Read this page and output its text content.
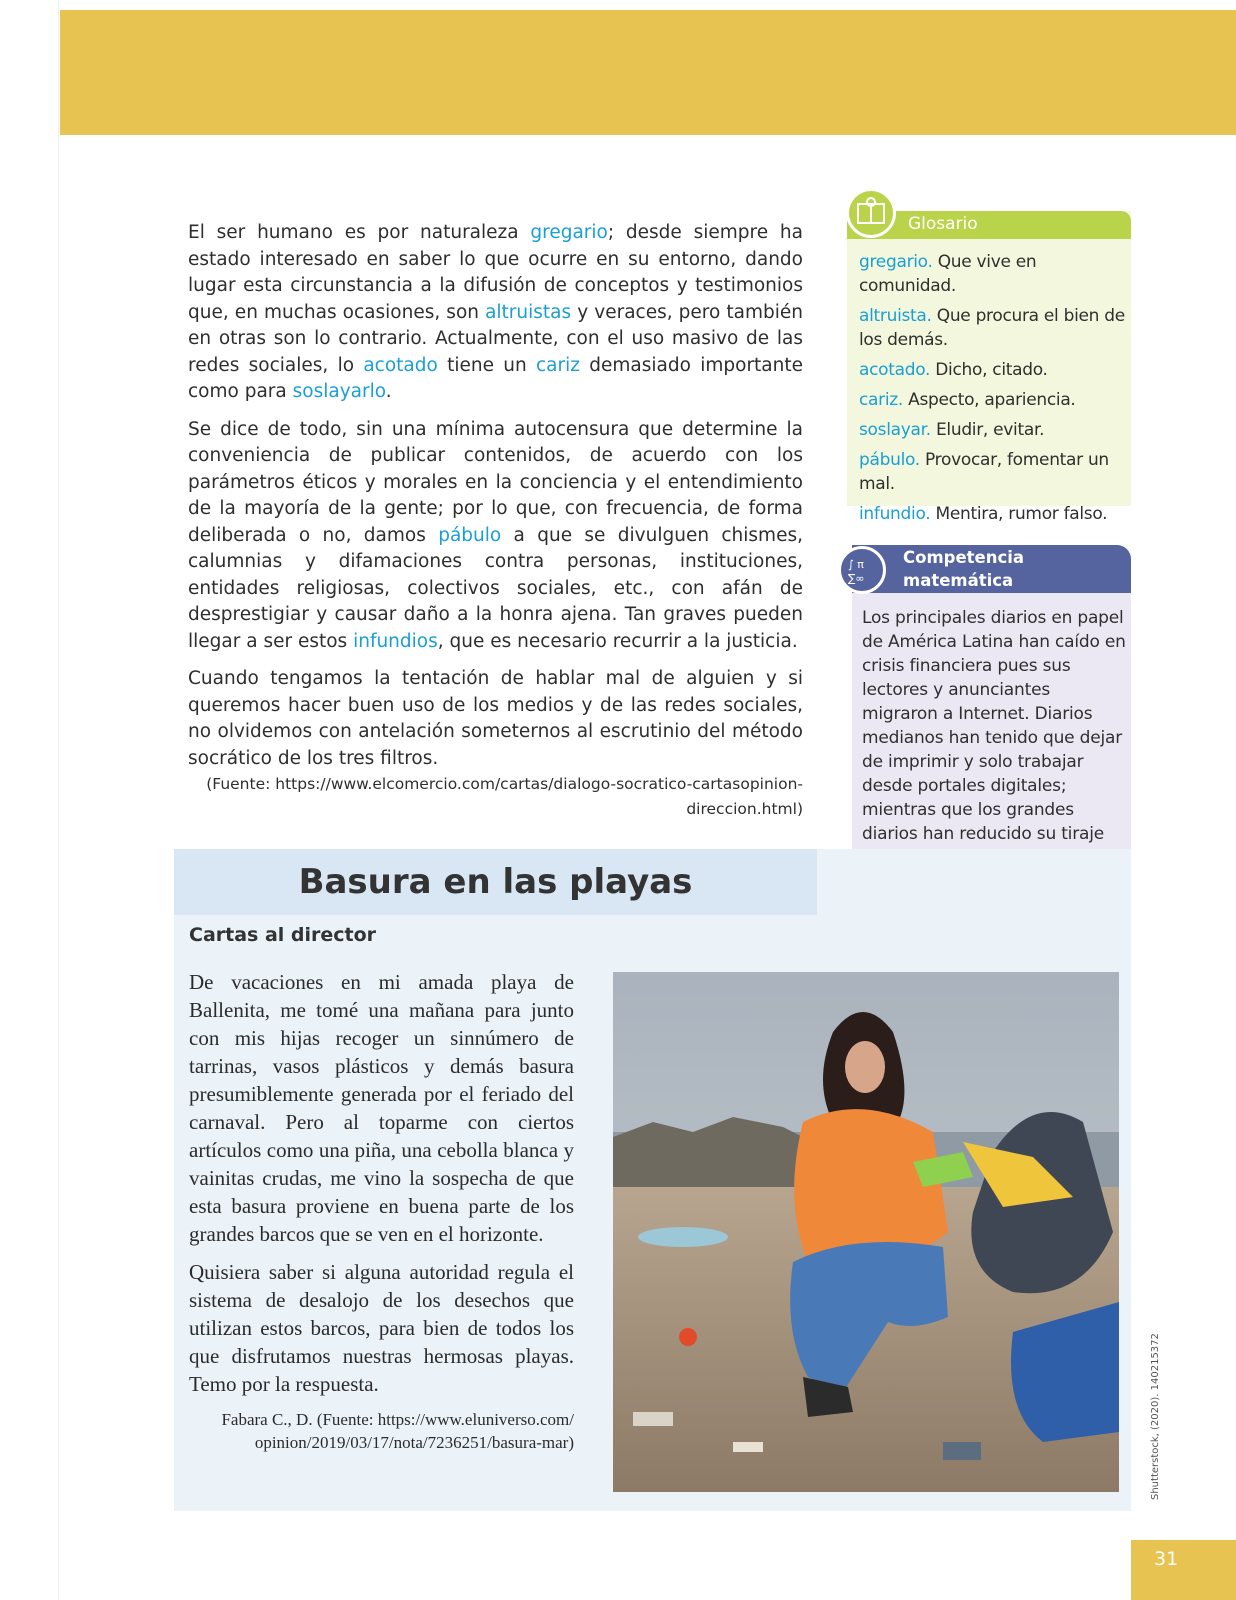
El ser humano es por naturaleza gregario; desde siempre ha estado interesado en saber lo que ocurre en su entorno, dando lugar esta circunstancia a la difusión de conceptos y testimonios que, en muchas ocasiones, son altruistas y veraces, pero también en otras son lo contrario. Actualmente, con el uso masivo de las redes sociales, lo acotado tiene un cariz demasiado importante como para soslayarlo.

Se dice de todo, sin una mínima autocensura que determine la conveniencia de publicar contenidos, de acuerdo con los parámetros éticos y morales en la conciencia y el entendimiento de la mayoría de la gente; por lo que, con frecuencia, de forma deliberada o no, damos pábulo a que se divulguen chismes, calumnias y difamaciones contra personas, instituciones, entidades religiosas, colectivos sociales, etc., con afán de desprestigiar y causar daño a la honra ajena. Tan graves pueden llegar a ser estos infundios, que es necesario recurrir a la justicia.

Cuando tengamos la tentación de hablar mal de alguien y si queremos hacer buen uso de los medios y de las redes sociales, no olvidemos con antelación someternos al escrutinio del método socrático de los tres filtros.

(Fuente: https://www.elcomercio.com/cartas/dialogo-socratico-cartasopinion-
direccion.html)
Glosario
gregario. Que vive en comunidad.
altruista. Que procura el bien de los demás.
acotado. Dicho, citado.
cariz. Aspecto, apariencia.
soslayar. Eludir, evitar.
pábulo. Provocar, fomentar un mal.
infundio. Mentira, rumor falso.
∫ π
∑∞
Competencia
matemática
Los principales diarios en papel de América Latina han caído en crisis financiera pues sus lectores y anunciantes migraron a Internet. Diarios medianos han tenido que dejar de imprimir y solo trabajar desde portales digitales; mientras que los grandes diarios han reducido su tiraje
Basura en las playas
Cartas al director

De vacaciones en mi amada playa de Ballenita, me tomé una mañana para junto con mis hijas recoger un sinnúmero de tarrinas, vasos plásticos y demás basura presumiblemente generada por el feriado del carnaval. Pero al toparme con ciertos artículos como una piña, una cebolla blanca y vainitas crudas, me vino la sospecha de que esta basura proviene en buena parte de los grandes barcos que se ven en el horizonte.

Quisiera saber si alguna autoridad regula el sistema de desalojo de los desechos que utilizan estos barcos, para bien de todos los que disfrutamos nuestras hermosas playas. Temo por la respuesta.

Fabara C., D. (Fuente: https://www.eluniverso.com/
opinion/2019/03/17/nota/7236251/basura-mar)	Shutterstock, (2020). 140215372
31
